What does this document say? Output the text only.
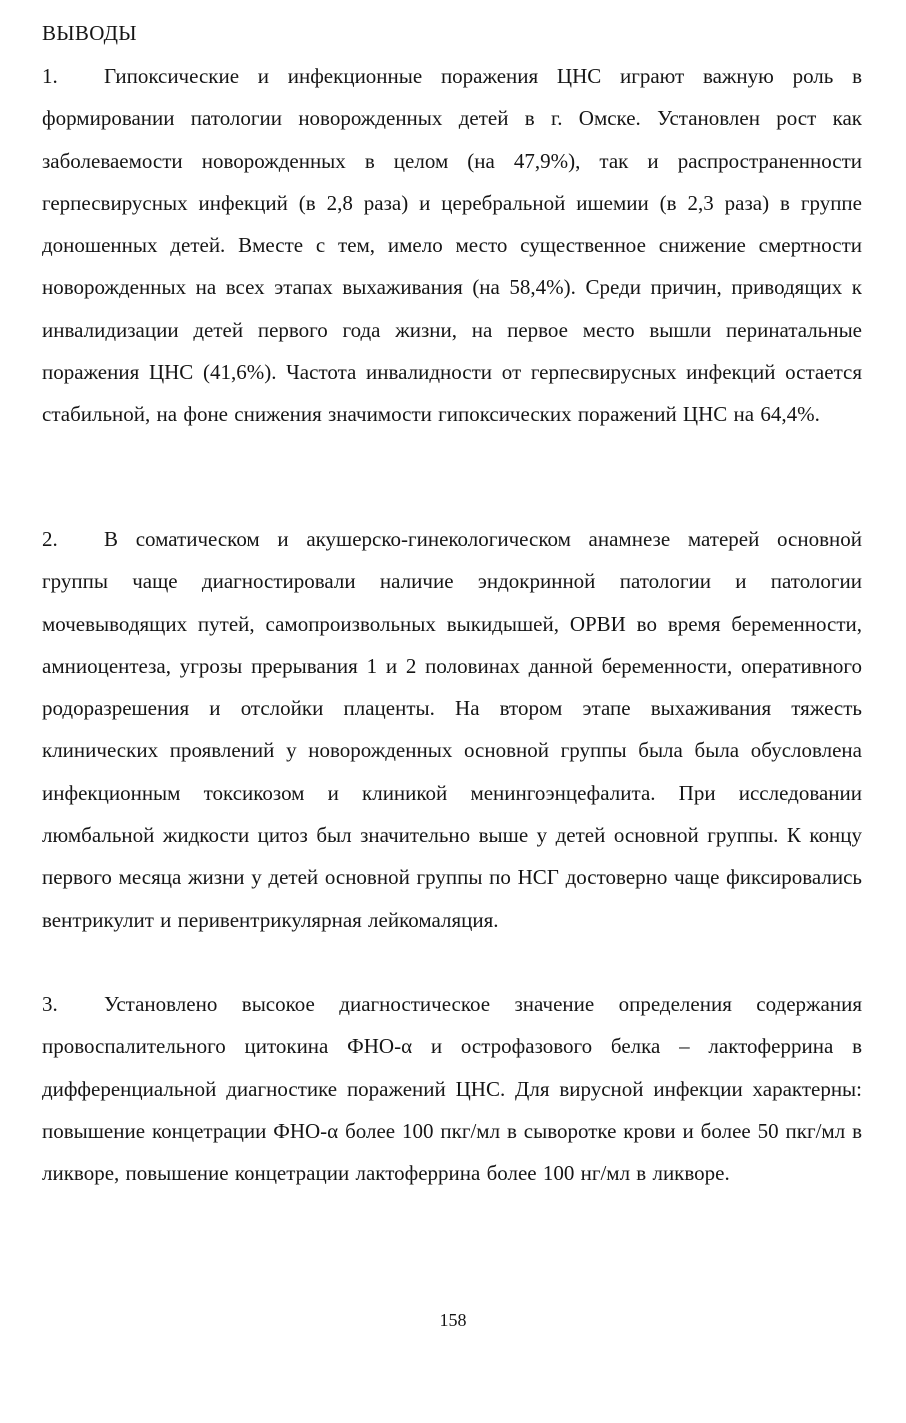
ВЫВОДЫ

1. Гипоксические и инфекционные поражения ЦНС играют важную роль в формировании патологии новорожденных детей в г. Омске. Установлен рост как заболеваемости новорожденных в целом (на 47,9%), так и распространенности герпесвирусных инфекций (в 2,8 раза) и церебральной ишемии (в 2,3 раза) в группе доношенных детей. Вместе с тем, имело место существенное снижение смертности новорожденных на всех этапах выхаживания (на 58,4%). Среди причин, приводящих к инвалидизации детей первого года жизни, на первое место вышли перинатальные поражения ЦНС (41,6%). Частота инвалидности от герпесвирусных инфекций остается стабильной, на фоне снижения значимости гипоксических поражений ЦНС на 64,4%.

2. В соматическом и акушерско-гинекологическом анамнезе матерей основной группы чаще диагностировали наличие эндокринной патологии и патологии мочевыводящих путей, самопроизвольных выкидышей, ОРВИ во время беременности, амниоцентеза, угрозы прерывания 1 и 2 половинах данной беременности, оперативного родоразрешения и отслойки плаценты. На втором этапе выхаживания тяжесть клинических проявлений у новорожденных основной группы была была обусловлена инфекционным токсикозом и клиникой менингоэнцефалита. При исследовании люмбальной жидкости цитоз был значительно выше у детей основной группы. К концу первого месяца жизни у детей основной группы по НСГ достоверно чаще фиксировались вентрикулит и перивентрикулярная лейкомаляция.

3. Установлено высокое диагностическое значение определения содержания провоспалительного цитокина ФНО-α и острофазового белка – лактоферрина в дифференциальной диагностике поражений ЦНС. Для вирусной инфекции характерны: повышение концетрации ФНО-α более 100 пкг/мл в сыворотке крови и более 50 пкг/мл в ликворе, повышение концетрации лактоферрина более 100 нг/мл в ликворе.

158
